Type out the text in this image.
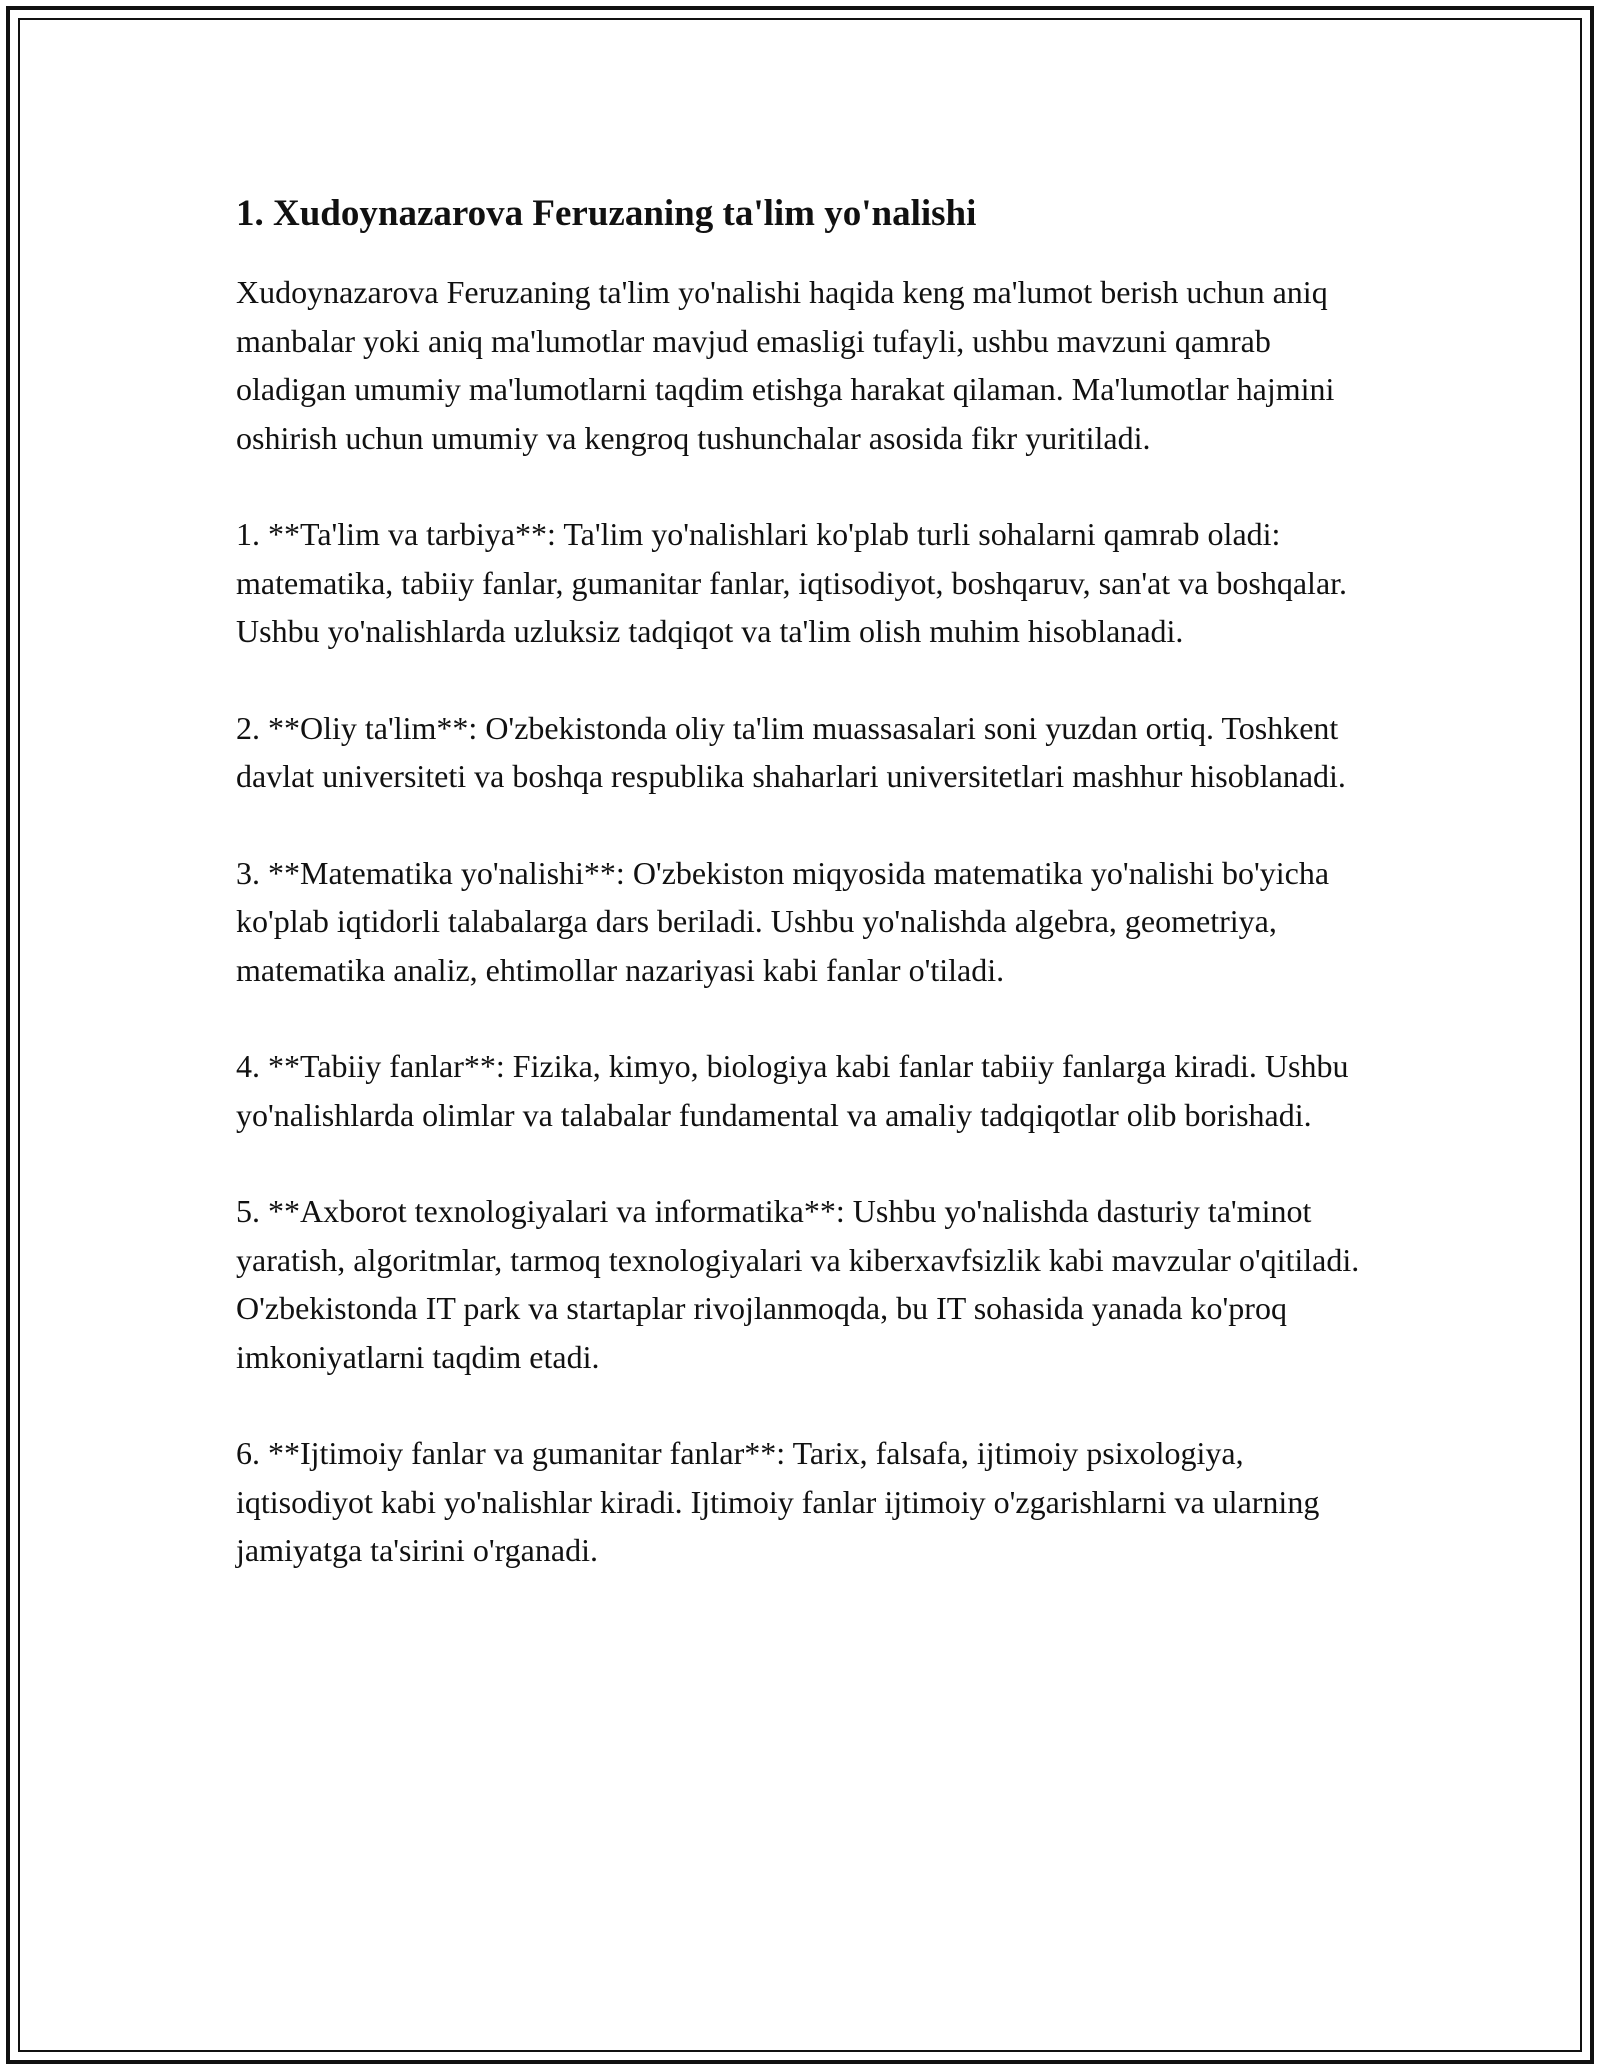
1. Xudoynazarova Feruzaning ta'lim yo'nalishi

Xudoynazarova Feruzaning ta'lim yo'nalishi haqida keng ma'lumot berish uchun aniq manbalar yoki aniq ma'lumotlar mavjud emasligi tufayli, ushbu mavzuni qamrab oladigan umumiy ma'lumotlarni taqdim etishga harakat qilaman. Ma'lumotlar hajmini oshirish uchun umumiy va kengroq tushunchalar asosida fikr yuritiladi.

1. **Ta'lim va tarbiya**: Ta'lim yo'nalishlari ko'plab turli sohalarni qamrab oladi: matematika, tabiiy fanlar, gumanitar fanlar, iqtisodiyot, boshqaruv, san'at va boshqalar. Ushbu yo'nalishlarda uzluksiz tadqiqot va ta'lim olish muhim hisoblanadi.

2. **Oliy ta'lim**: O'zbekistonda oliy ta'lim muassasalari soni yuzdan ortiq. Toshkent davlat universiteti va boshqa respublika shaharlari universitetlari mashhur hisoblanadi.

3. **Matematika yo'nalishi**: O'zbekiston miqyosida matematika yo'nalishi bo'yicha ko'plab iqtidorli talabalarga dars beriladi. Ushbu yo'nalishda algebra, geometriya, matematika analiz, ehtimollar nazariyasi kabi fanlar o'tiladi.

4. **Tabiiy fanlar**: Fizika, kimyo, biologiya kabi fanlar tabiiy fanlarga kiradi. Ushbu yo'nalishlarda olimlar va talabalar fundamental va amaliy tadqiqotlar olib borishadi.

5. **Axborot texnologiyalari va informatika**: Ushbu yo'nalishda dasturiy ta'minot yaratish, algoritmlar, tarmoq texnologiyalari va kiberxavfsizlik kabi mavzular o'qitiladi. O'zbekistonda IT park va startaplar rivojlanmoqda, bu IT sohasida yanada ko'proq imkoniyatlarni taqdim etadi.

6. **Ijtimoiy fanlar va gumanitar fanlar**: Tarix, falsafa, ijtimoiy psixologiya, iqtisodiyot kabi yo'nalishlar kiradi. Ijtimoiy fanlar ijtimoiy o'zgarishlarni va ularning jamiyatga ta'sirini o'rganadi.
